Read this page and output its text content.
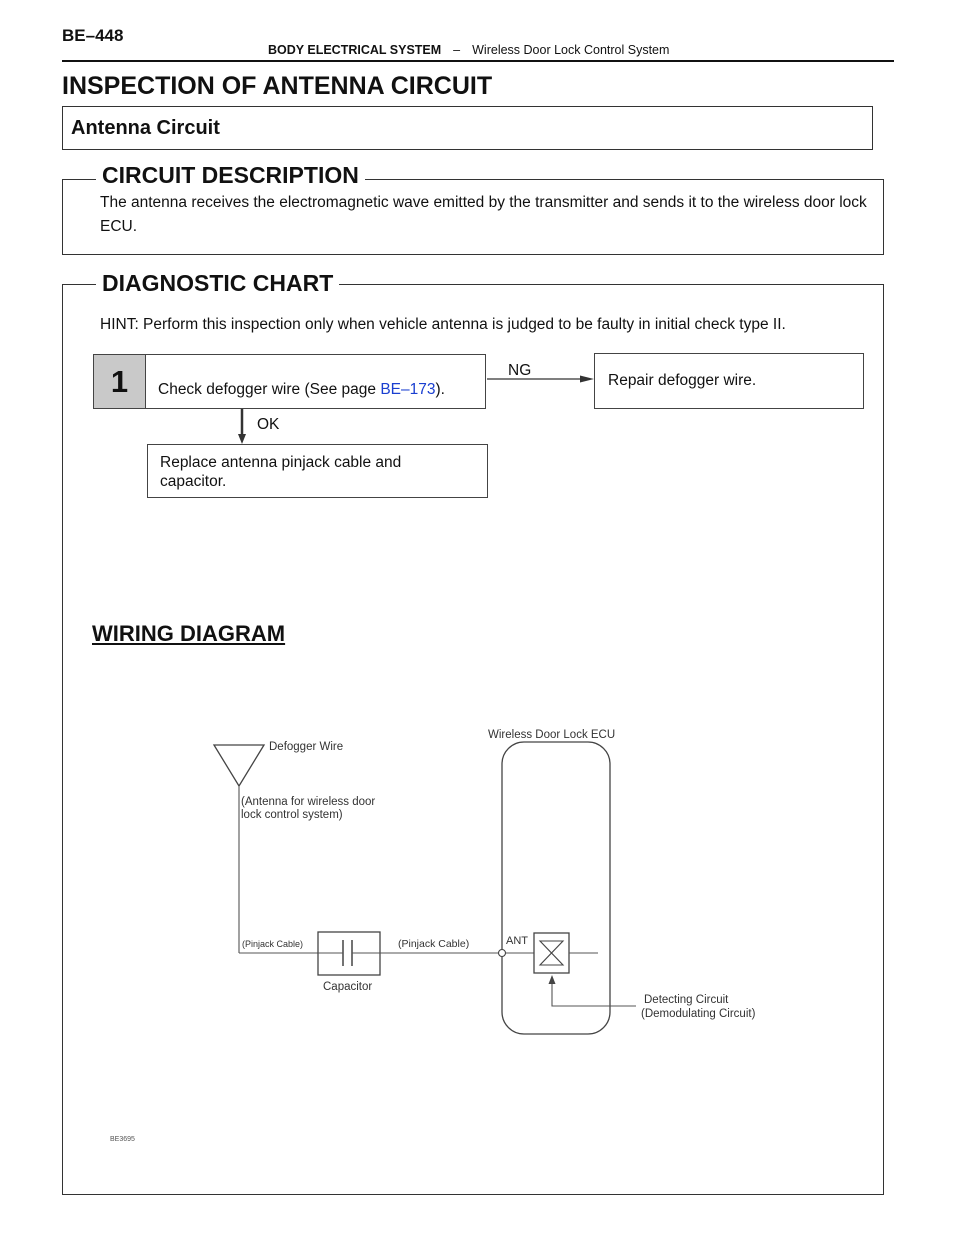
BE–448
BODY ELECTRICAL SYSTEM – Wireless Door Lock Control System
INSPECTION OF ANTENNA CIRCUIT
Antenna Circuit
CIRCUIT DESCRIPTION
The antenna receives the electromagnetic wave emitted by the transmitter and sends it to the wireless door lock ECU.
DIAGNOSTIC CHART
HINT: Perform this inspection only when vehicle antenna is judged to be faulty in initial check type II.
1	Check defogger wire (See page BE–173).
NG
Repair defogger wire.
OK
Replace antenna pinjack cable and capacitor.
WIRING DIAGRAM
Defogger Wire
(Antenna for wireless door
lock control system)
(Pinjack Cable)	(Pinjack Cable)
Capacitor
Wireless Door Lock ECU
ANT
Detecting Circuit
(Demodulating Circuit)
BE3695
